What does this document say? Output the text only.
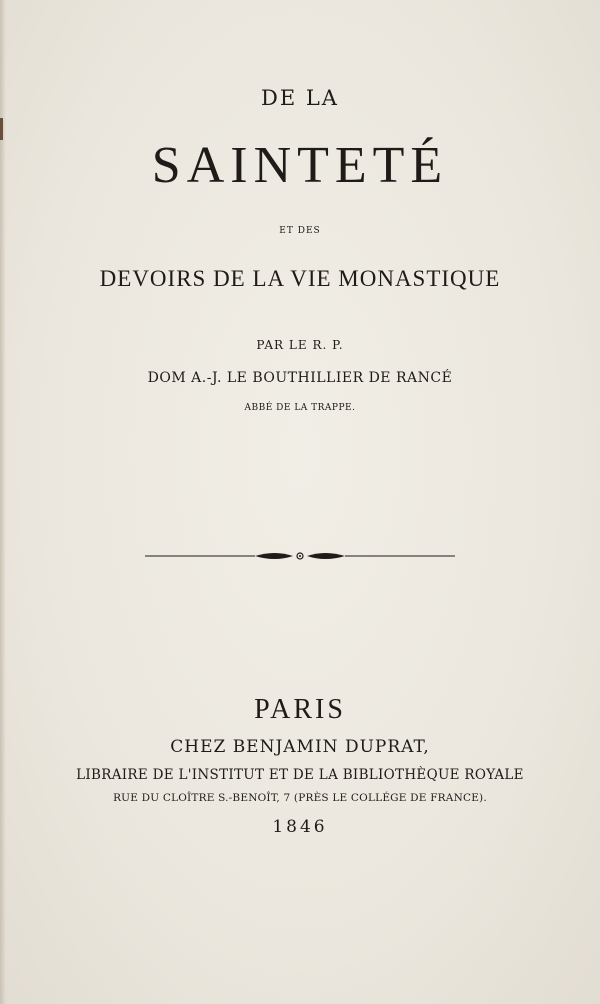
DE LA
SAINTETÉ
ET DES
DEVOIRS DE LA VIE MONASTIQUE
PAR LE R. P.
DOM A.-J. LE BOUTHILLIER DE RANCÉ
ABBÉ DE LA TRAPPE.
PARIS
CHEZ BENJAMIN DUPRAT,
LIBRAIRE DE L'INSTITUT ET DE LA BIBLIOTHÈQUE ROYALE
RUE DU CLOÎTRE S.-BENOÎT, 7 (PRÈS LE COLLÉGE DE FRANCE).
1846
